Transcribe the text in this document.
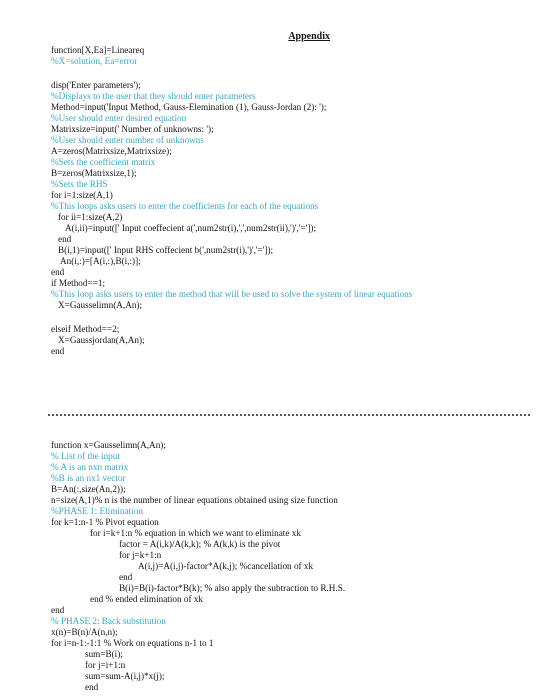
Appendix
function[X,Ea]=Lineareq
%X=solution, Ea=error
disp('Enter parameters');
%Displays to the user that they should enter parameters
Method=input('Input Method, Gauss-Elemination (1), Gauss-Jordan (2): ');
%User should enter desired equation
Matrixsize=input(' Number of unknowns: ');
%User should enter number of unknowns
A=zeros(Matrixsize,Matrixsize);
%Sets the coefficient matrix
B=zeros(Matrixsize,1);
%Sets the RHS
for i=1:size(A,1)
%This loops asks users to enter the coefficients for each of the equations
for ii=1:size(A,2)
A(i,ii)=input([' Input coeffecient a(',num2str(i),',',num2str(ii),')','=']);
end
B(i,1)=input([' Input RHS coffecient b(',num2str(i),')','=']);
An(i,:)=[A(i,:),B(i,:)];
end
if Method==1;
%This loop asks users to enter the method that will be used to solve the system of linear equations
X=Gausselimn(A,An);
elseif Method==2;
X=Gaussjordan(A,An);
end
function x=Gausselimn(A,An);
% List of the input
% A is an nxn matrix
%B is an nx1 vector
B=An(:,size(An,2));
n=size(A,1)% n is the number of linear equations obtained using size function
%PHASE 1: Elimination
for k=1:n-1 % Pivot equation
for i=k+1:n % equation in which we want to eliminate xk
factor = A(i,k)/A(k,k); % A(k,k) is the pivot
for j=k+1:n
A(i,j)=A(i,j)-factor*A(k,j); %cancellation of xk
end
B(i)=B(i)-factor*B(k); % also apply the subtraction to R.H.S.
end % ended elimination of xk
end
% PHASE 2: Back substitution
x(n)=B(n)/A(n,n);
for i=n-1:-1:1 % Work on equations n-1 to 1
sum=B(i);
for j=i+1:n
sum=sum-A(i,j)*x(j);
end
